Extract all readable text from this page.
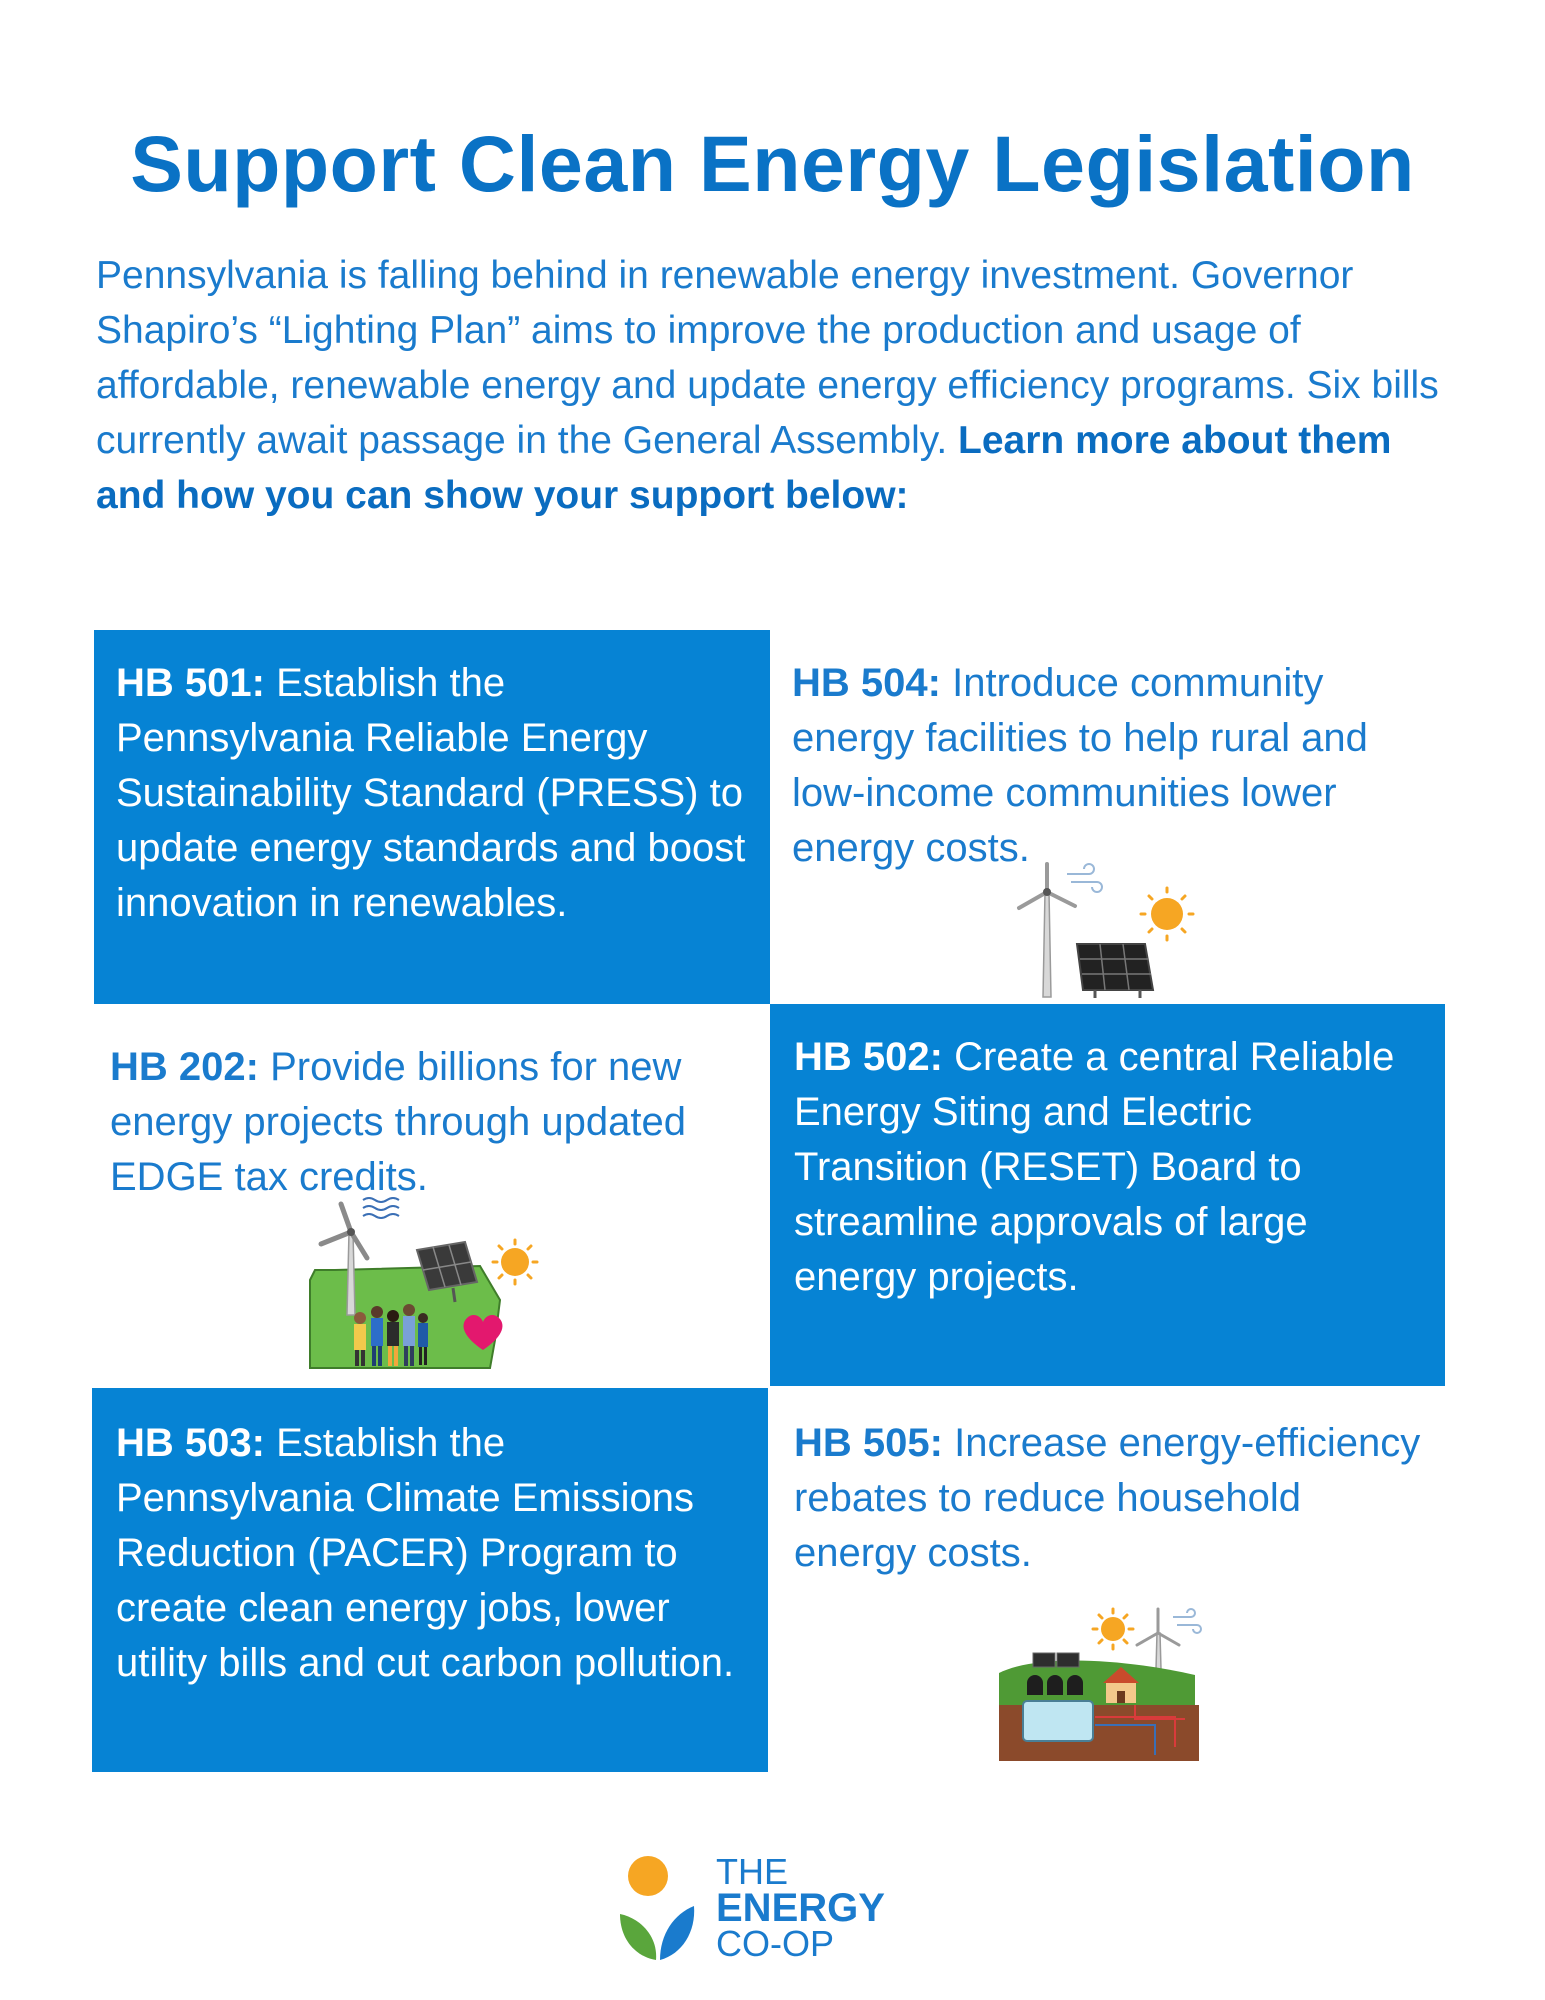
Support Clean Energy Legislation

Pennsylvania is falling behind in renewable energy investment. Governor Shapiro’s “Lighting Plan” aims to improve the production and usage of affordable, renewable energy and update energy efficiency programs. Six bills currently await passage in the General Assembly. Learn more about them and how you can show your support below:

HB 501: Establish the Pennsylvania Reliable Energy Sustainability Standard (PRESS) to update energy standards and boost innovation in renewables.

HB 504: Introduce community energy facilities to help rural and low-income communities lower energy costs.

HB 202: Provide billions for new energy projects through updated EDGE tax credits.

HB 502: Create a central Reliable Energy Siting and Electric Transition (RESET) Board to streamline approvals of large energy projects.

HB 503: Establish the Pennsylvania Climate Emissions Reduction (PACER) Program to create clean energy jobs, lower utility bills and cut carbon pollution.

HB 505: Increase energy-efficiency rebates to reduce household energy costs.

THE
ENERGY
CO-OP
